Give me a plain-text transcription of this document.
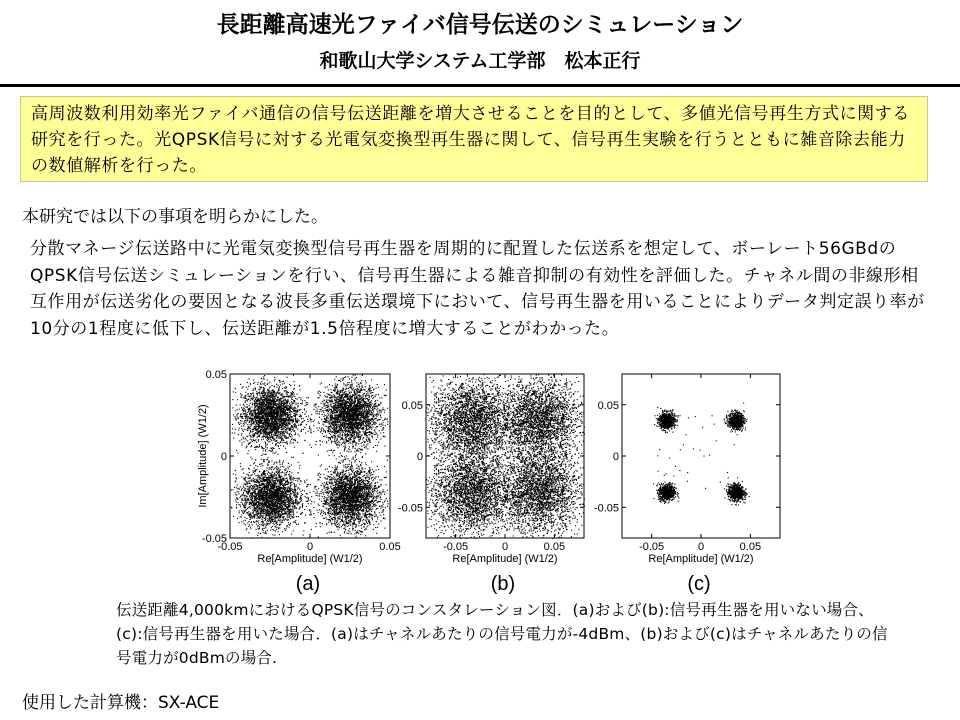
長距離高速光ファイバ信号伝送のシミュレーション
和歌山大学システム工学部　松本正行
高周波数利用効率光ファイバ通信の信号伝送距離を増大させることを目的として、多値光信号再生方式に関する研究を行った。光QPSK信号に対する光電気変換型再生器に関して、信号再生実験を行うとともに雑音除去能力の数値解析を行った。
本研究では以下の事項を明らかにした。
分散マネージ伝送路中に光電気変換型信号再生器を周期的に配置した伝送系を想定して、ボーレート56GBdのQPSK信号伝送シミュレーションを行い、信号再生器による雑音抑制の有効性を評価した。チャネル間の非線形相互作用が伝送劣化の要因となる波長多重伝送環境下において、信号再生器を用いることによりデータ判定誤り率が10分の1程度に低下し、伝送距離が1.5倍程度に増大することがわかった。
-0.05	0	0.05
0.05
0
-0.05
Re[Amplitude] (W1/2)
Im[Amplitude] (W1/2)
(a)
-0.05	0	0.05
0.05
0
-0.05
Re[Amplitude] (W1/2)
(b)
-0.05	0	0.05
0.05
0
-0.05
Re[Amplitude] (W1/2)
(c)
伝送距離4,000kmにおけるQPSK信号のコンスタレーション図．(a)および(b):信号再生器を用いない場合、(c):信号再生器を用いた場合．(a)はチャネルあたりの信号電力が-4dBm、(b)および(c)はチャネルあたりの信号電力が0dBmの場合.
使用した計算機：SX-ACE
